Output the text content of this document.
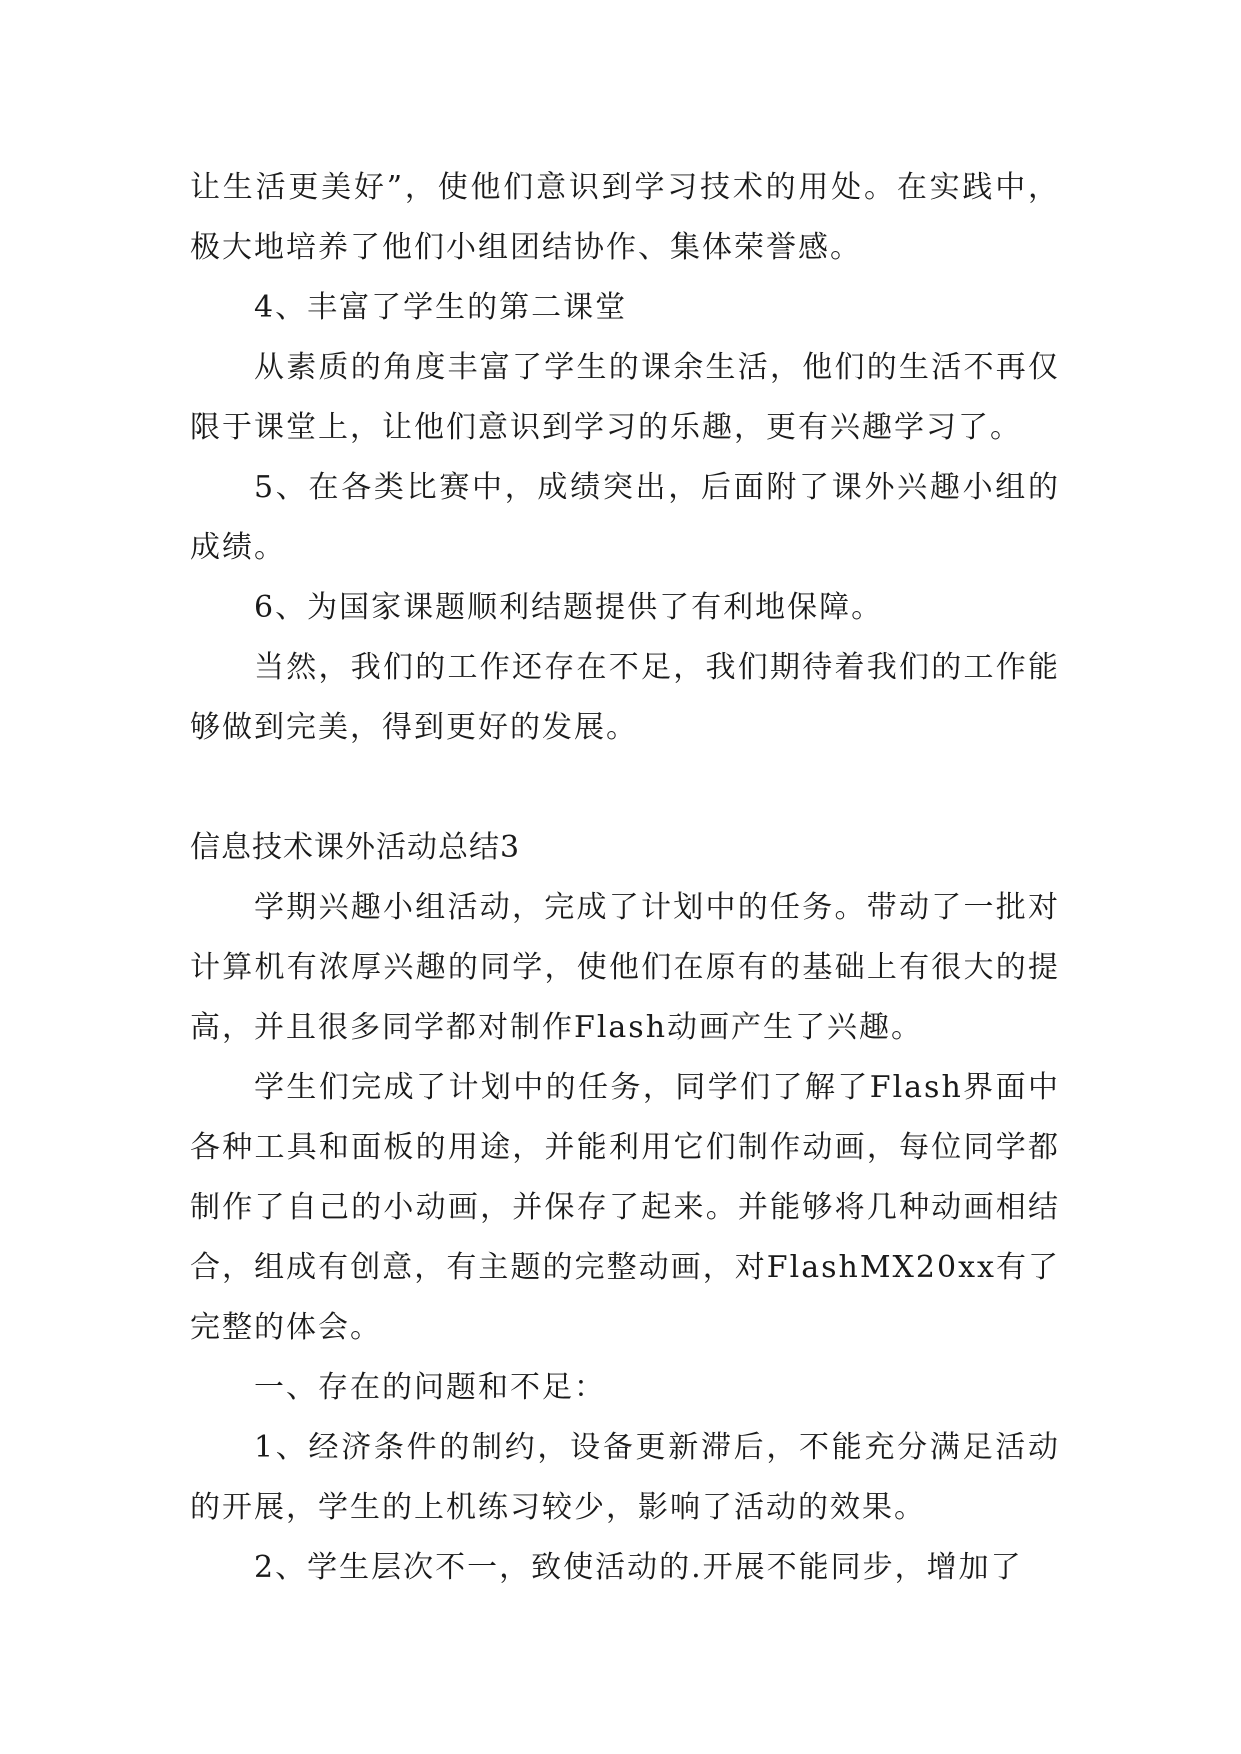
让生活更美好”，使他们意识到学习技术的用处。在实践中，极大地培养了他们小组团结协作、集体荣誉感。

4、丰富了学生的第二课堂

从素质的角度丰富了学生的课余生活，他们的生活不再仅限于课堂上，让他们意识到学习的乐趣，更有兴趣学习了。

5、在各类比赛中，成绩突出，后面附了课外兴趣小组的成绩。

6、为国家课题顺利结题提供了有利地保障。

当然，我们的工作还存在不足，我们期待着我们的工作能够做到完美，得到更好的发展。

信息技术课外活动总结3

学期兴趣小组活动，完成了计划中的任务。带动了一批对计算机有浓厚兴趣的同学，使他们在原有的基础上有很大的提高，并且很多同学都对制作Flash动画产生了兴趣。

学生们完成了计划中的任务，同学们了解了Flash界面中各种工具和面板的用途，并能利用它们制作动画，每位同学都制作了自己的小动画，并保存了起来。并能够将几种动画相结合，组成有创意，有主题的完整动画，对FlashMX20xx有了完整的体会。

一、存在的问题和不足：

1、经济条件的制约，设备更新滞后，不能充分满足活动的开展，学生的上机练习较少，影响了活动的效果。

2、学生层次不一，致使活动的.开展不能同步，增加了
